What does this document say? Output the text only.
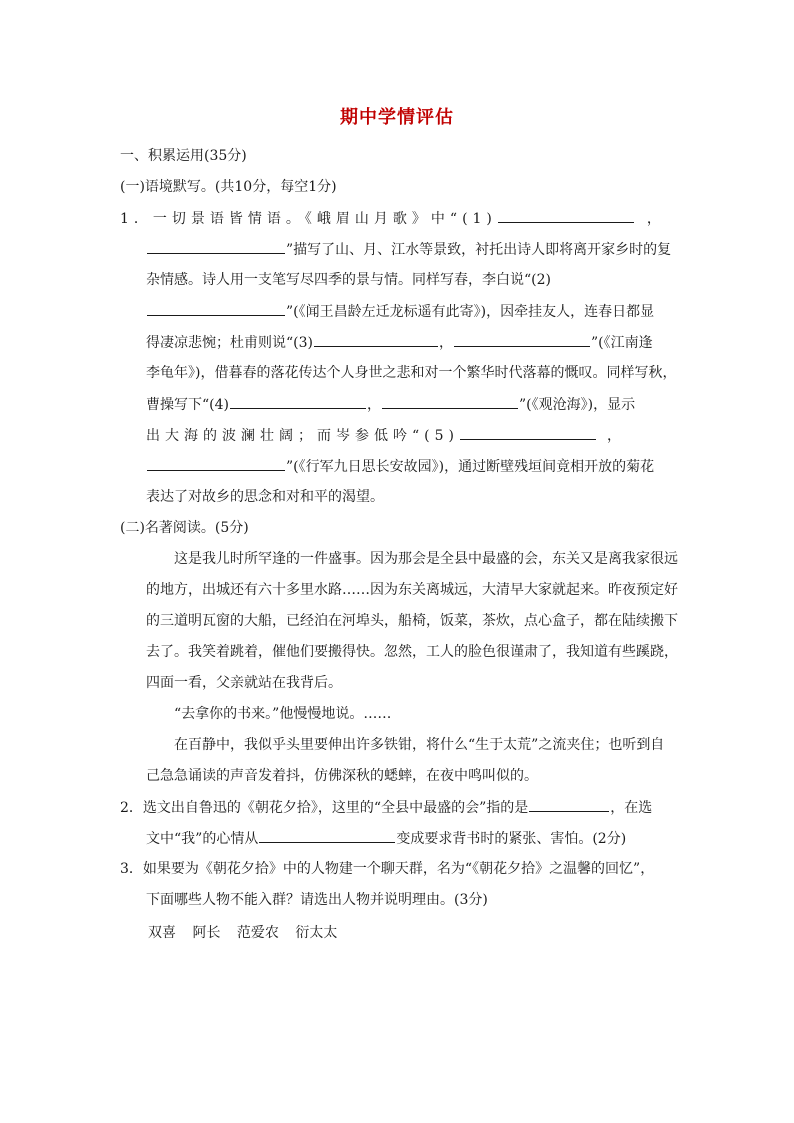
期中学情评估
一、积累运用(35分)
(一)语境默写。(共10分，每空1分)
1．一切景语皆情语。《峨眉山月歌》中“(1)	，
”描写了山、月、江水等景致，衬托出诗人即将离开家乡时的复
杂情感。诗人用一支笔写尽四季的景与情。同样写春，李白说“(2)
”(《闻王昌龄左迁龙标遥有此寄》)，因牵挂友人，连春日都显
得凄凉悲惋；杜甫则说“(3)	，	”(《江南逢
李龟年》)，借暮春的落花传达个人身世之悲和对一个繁华时代落幕的慨叹。同样写秋，
曹操写下“(4)	，	”(《观沧海》)，显示
出大海的波澜壮阔；而岑参低吟“(5)	，
”(《行军九日思长安故园》)，通过断壁残垣间竟相开放的菊花
表达了对故乡的思念和对和平的渴望。
(二)名著阅读。(5分)
这是我儿时所罕逢的一件盛事。因为那会是全县中最盛的会，东关又是离我家很远
的地方，出城还有六十多里水路……因为东关离城远，大清早大家就起来。昨夜预定好
的三道明瓦窗的大船，已经泊在河埠头，船椅，饭菜，茶炊，点心盒子，都在陆续搬下
去了。我笑着跳着，催他们要搬得快。忽然，工人的脸色很谨肃了，我知道有些蹊跷，
四面一看，父亲就站在我背后。
“去拿你的书来。”他慢慢地说。……
在百静中，我似乎头里要伸出许多铁钳，将什么“生于太荒”之流夹住；也听到自
己急急诵读的声音发着抖，仿佛深秋的蟋蟀，在夜中鸣叫似的。
2．选文出自鲁迅的《朝花夕拾》，这里的“全县中最盛的会”指的是	，在选
文中“我”的心情从	变成要求背书时的紧张、害怕。(2分)
3．如果要为《朝花夕拾》中的人物建一个聊天群，名为“《朝花夕拾》之温馨的回忆”，
下面哪些人物不能入群？请选出人物并说明理由。(3分)
双喜 阿长 范爱农 衍太太
